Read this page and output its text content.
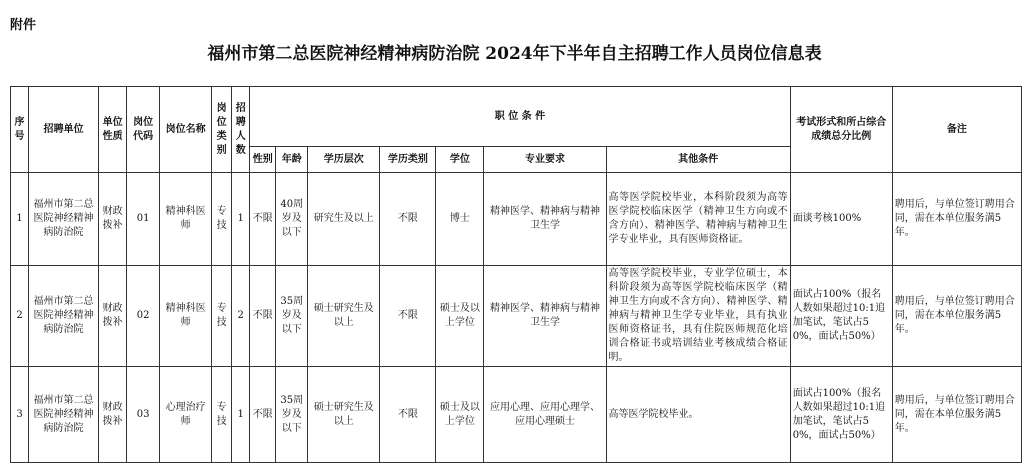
附件
福州市第二总医院神经精神病防治院 2024年下半年自主招聘工作人员岗位信息表
序号	招聘单位	单位性质	岗位代码	岗位名称	岗位类别	招聘人数	职 位 条 件							考试形式和所占综合成绩总分比例	备注
							性别	年龄	学历层次	学历类别	学位	专业要求	其他条件		
1	福州市第二总医院神经精神病防治院	财政拨补	01	精神科医师	专技	1	不限	40周岁及以下	研究生及以上	不限	博士	精神医学、精神病与精神卫生学	高等医学院校毕业，本科阶段须为高等医学院校临床医学（精神卫生方向或不含方向）、精神医学、精神病与精神卫生学专业毕业，具有医师资格证。	面谈考核100%	聘用后，与单位签订聘用合同，需在本单位服务满5年。
2	福州市第二总医院神经精神病防治院	财政拨补	02	精神科医师	专技	2	不限	35周岁及以下	硕士研究生及以上	不限	硕士及以上学位	精神医学、精神病与精神卫生学	高等医学院校毕业，专业学位硕士，本科阶段须为高等医学院校临床医学（精神卫生方向或不含方向）、精神医学、精神病与精神卫生学专业毕业，具有执业医师资格证书，具有住院医师规范化培训合格证书或培训结业考核成绩合格证明。	面试占100%（报名人数如果超过10:1追加笔试，笔试占50%，面试占50%）	聘用后，与单位签订聘用合同，需在本单位服务满5年。
3	福州市第二总医院神经精神病防治院	财政拨补	03	心理治疗师	专技	1	不限	35周岁及以下	硕士研究生及以上	不限	硕士及以上学位	应用心理、应用心理学、应用心理硕士	高等医学院校毕业。	面试占100%（报名人数如果超过10:1追加笔试，笔试占50%，面试占50%）	聘用后，与单位签订聘用合同，需在本单位服务满5年。
